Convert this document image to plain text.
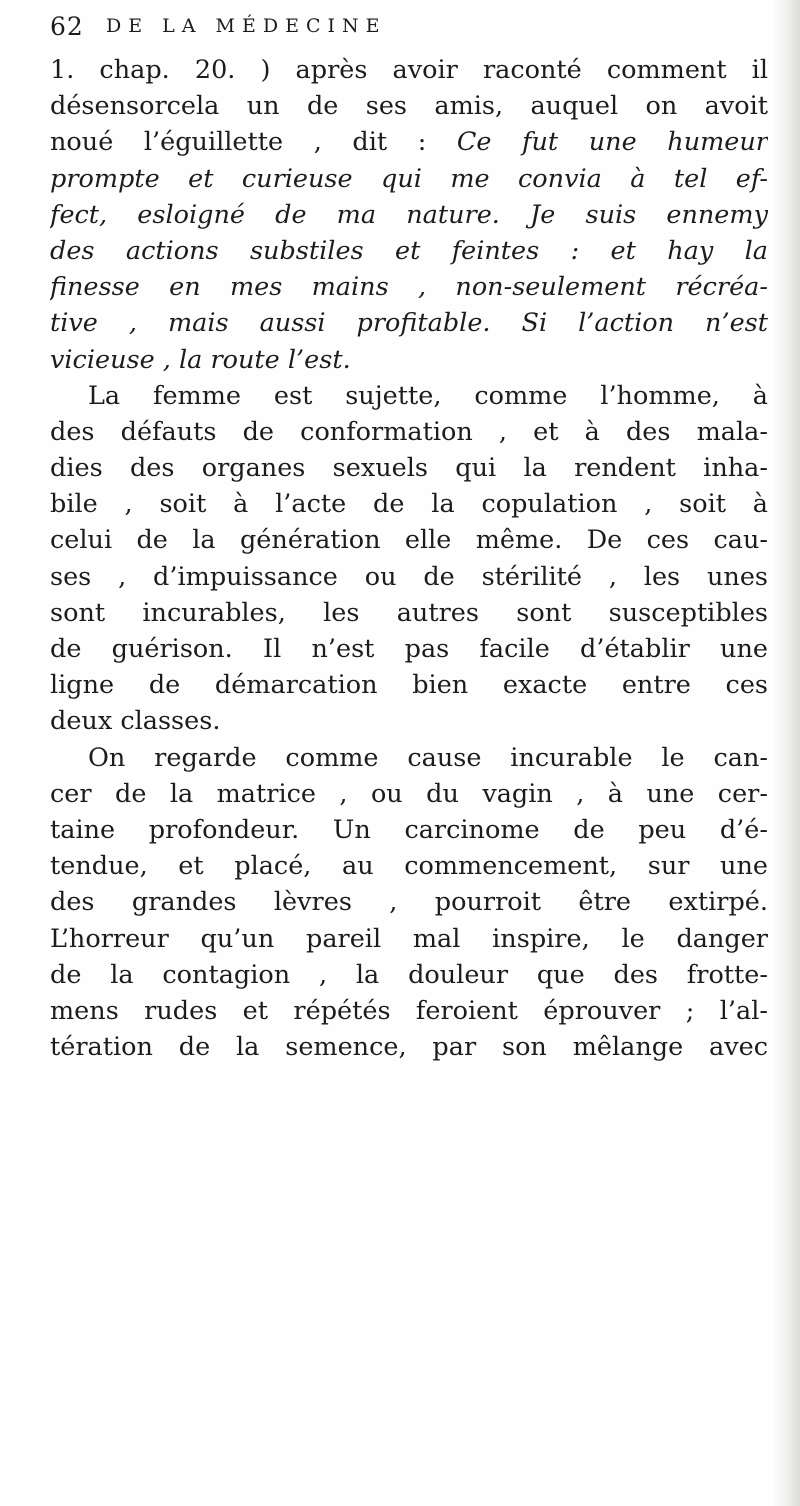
62 DE LA MÉDECINE
1. chap. 20. ) après avoir raconté comment il
désensorcela un de ses amis, auquel on avoit
noué l’éguillette , dit : Ce fut une humeur
prompte et curieuse qui me convia à tel ef-
fect, esloigné de ma nature. Je suis ennemy
des actions substiles et feintes : et hay la
finesse en mes mains , non-seulement récréa-
tive , mais aussi profitable. Si l’action n’est
vicieuse , la route l’est.
La femme est sujette, comme l’homme, à
des défauts de conformation , et à des mala-
dies des organes sexuels qui la rendent inha-
bile , soit à l’acte de la copulation , soit à
celui de la génération elle même. De ces cau-
ses , d’impuissance ou de stérilité , les unes
sont incurables, les autres sont susceptibles
de guérison. Il n’est pas facile d’établir une
ligne de démarcation bien exacte entre ces
deux classes.
On regarde comme cause incurable le can-
cer de la matrice , ou du vagin , à une cer-
taine profondeur. Un carcinome de peu d’é-
tendue, et placé, au commencement, sur une
des grandes lèvres , pourroit être extirpé.
L’horreur qu’un pareil mal inspire, le danger
de la contagion , la douleur que des frotte-
mens rudes et répétés feroient éprouver ; l’al-
tération de la semence, par son mêlange avec
